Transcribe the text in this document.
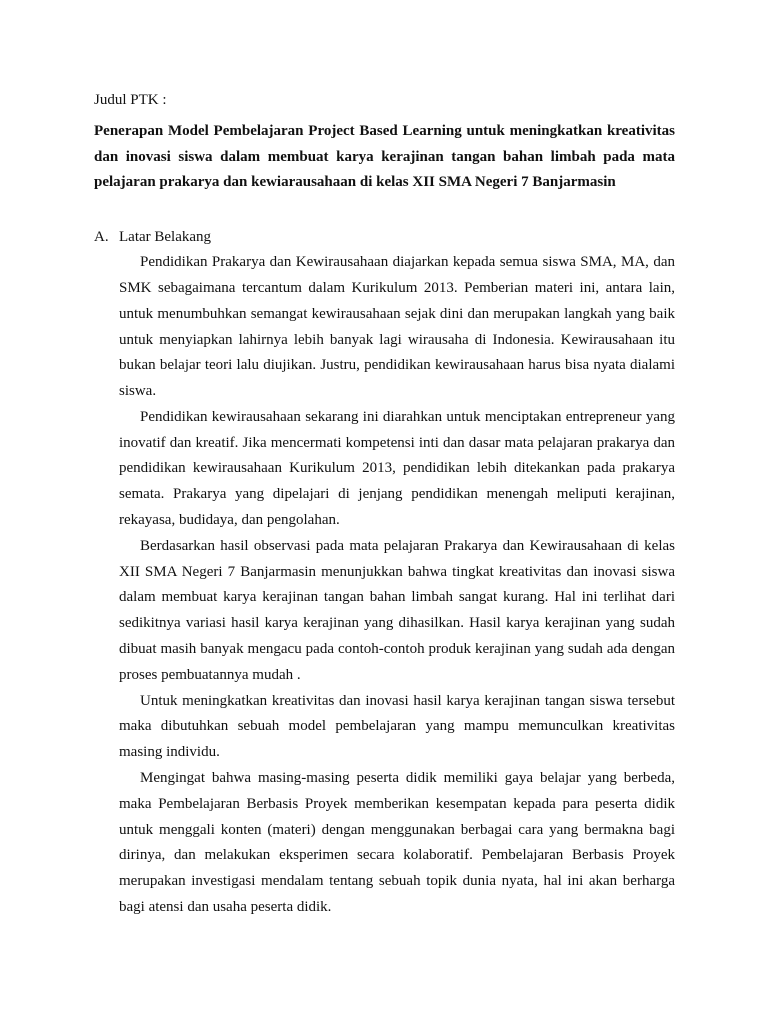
Judul PTK :

Penerapan Model Pembelajaran Project Based Learning untuk meningkatkan kreativitas dan inovasi siswa dalam membuat karya kerajinan tangan bahan limbah pada mata pelajaran prakarya dan kewiarausahaan di kelas XII SMA Negeri 7 Banjarmasin

A. Latar Belakang

Pendidikan Prakarya dan Kewirausahaan diajarkan kepada semua siswa SMA, MA, dan SMK sebagaimana tercantum dalam Kurikulum 2013. Pemberian materi ini, antara lain, untuk menumbuhkan semangat kewirausahaan sejak dini dan merupakan langkah yang baik untuk menyiapkan lahirnya lebih banyak lagi wirausaha di Indonesia. Kewirausahaan itu bukan belajar teori lalu diujikan. Justru, pendidikan kewirausahaan harus bisa nyata dialami siswa.

Pendidikan kewirausahaan sekarang ini diarahkan untuk menciptakan entrepreneur yang inovatif dan kreatif. Jika mencermati kompetensi inti dan dasar mata pelajaran prakarya dan pendidikan kewirausahaan Kurikulum 2013, pendidikan lebih ditekankan pada prakarya semata. Prakarya yang dipelajari di jenjang pendidikan menengah meliputi kerajinan, rekayasa, budidaya, dan pengolahan.

Berdasarkan hasil observasi pada mata pelajaran Prakarya dan Kewirausahaan di kelas XII SMA Negeri 7 Banjarmasin menunjukkan bahwa tingkat kreativitas dan inovasi siswa dalam membuat karya kerajinan tangan bahan limbah sangat kurang. Hal ini terlihat dari sedikitnya variasi hasil karya kerajinan yang dihasilkan. Hasil karya kerajinan yang sudah dibuat masih banyak mengacu pada contoh-contoh produk kerajinan yang sudah ada dengan proses pembuatannya mudah .

Untuk meningkatkan kreativitas dan inovasi hasil karya kerajinan tangan siswa tersebut maka dibutuhkan sebuah model pembelajaran yang mampu memunculkan kreativitas masing individu.

Mengingat bahwa masing-masing peserta didik memiliki gaya belajar yang berbeda, maka Pembelajaran Berbasis Proyek memberikan kesempatan kepada para peserta didik untuk menggali konten (materi) dengan menggunakan berbagai cara yang bermakna bagi dirinya, dan melakukan eksperimen secara kolaboratif. Pembelajaran Berbasis Proyek merupakan investigasi mendalam tentang sebuah topik dunia nyata, hal ini akan berharga bagi atensi dan usaha peserta didik.
